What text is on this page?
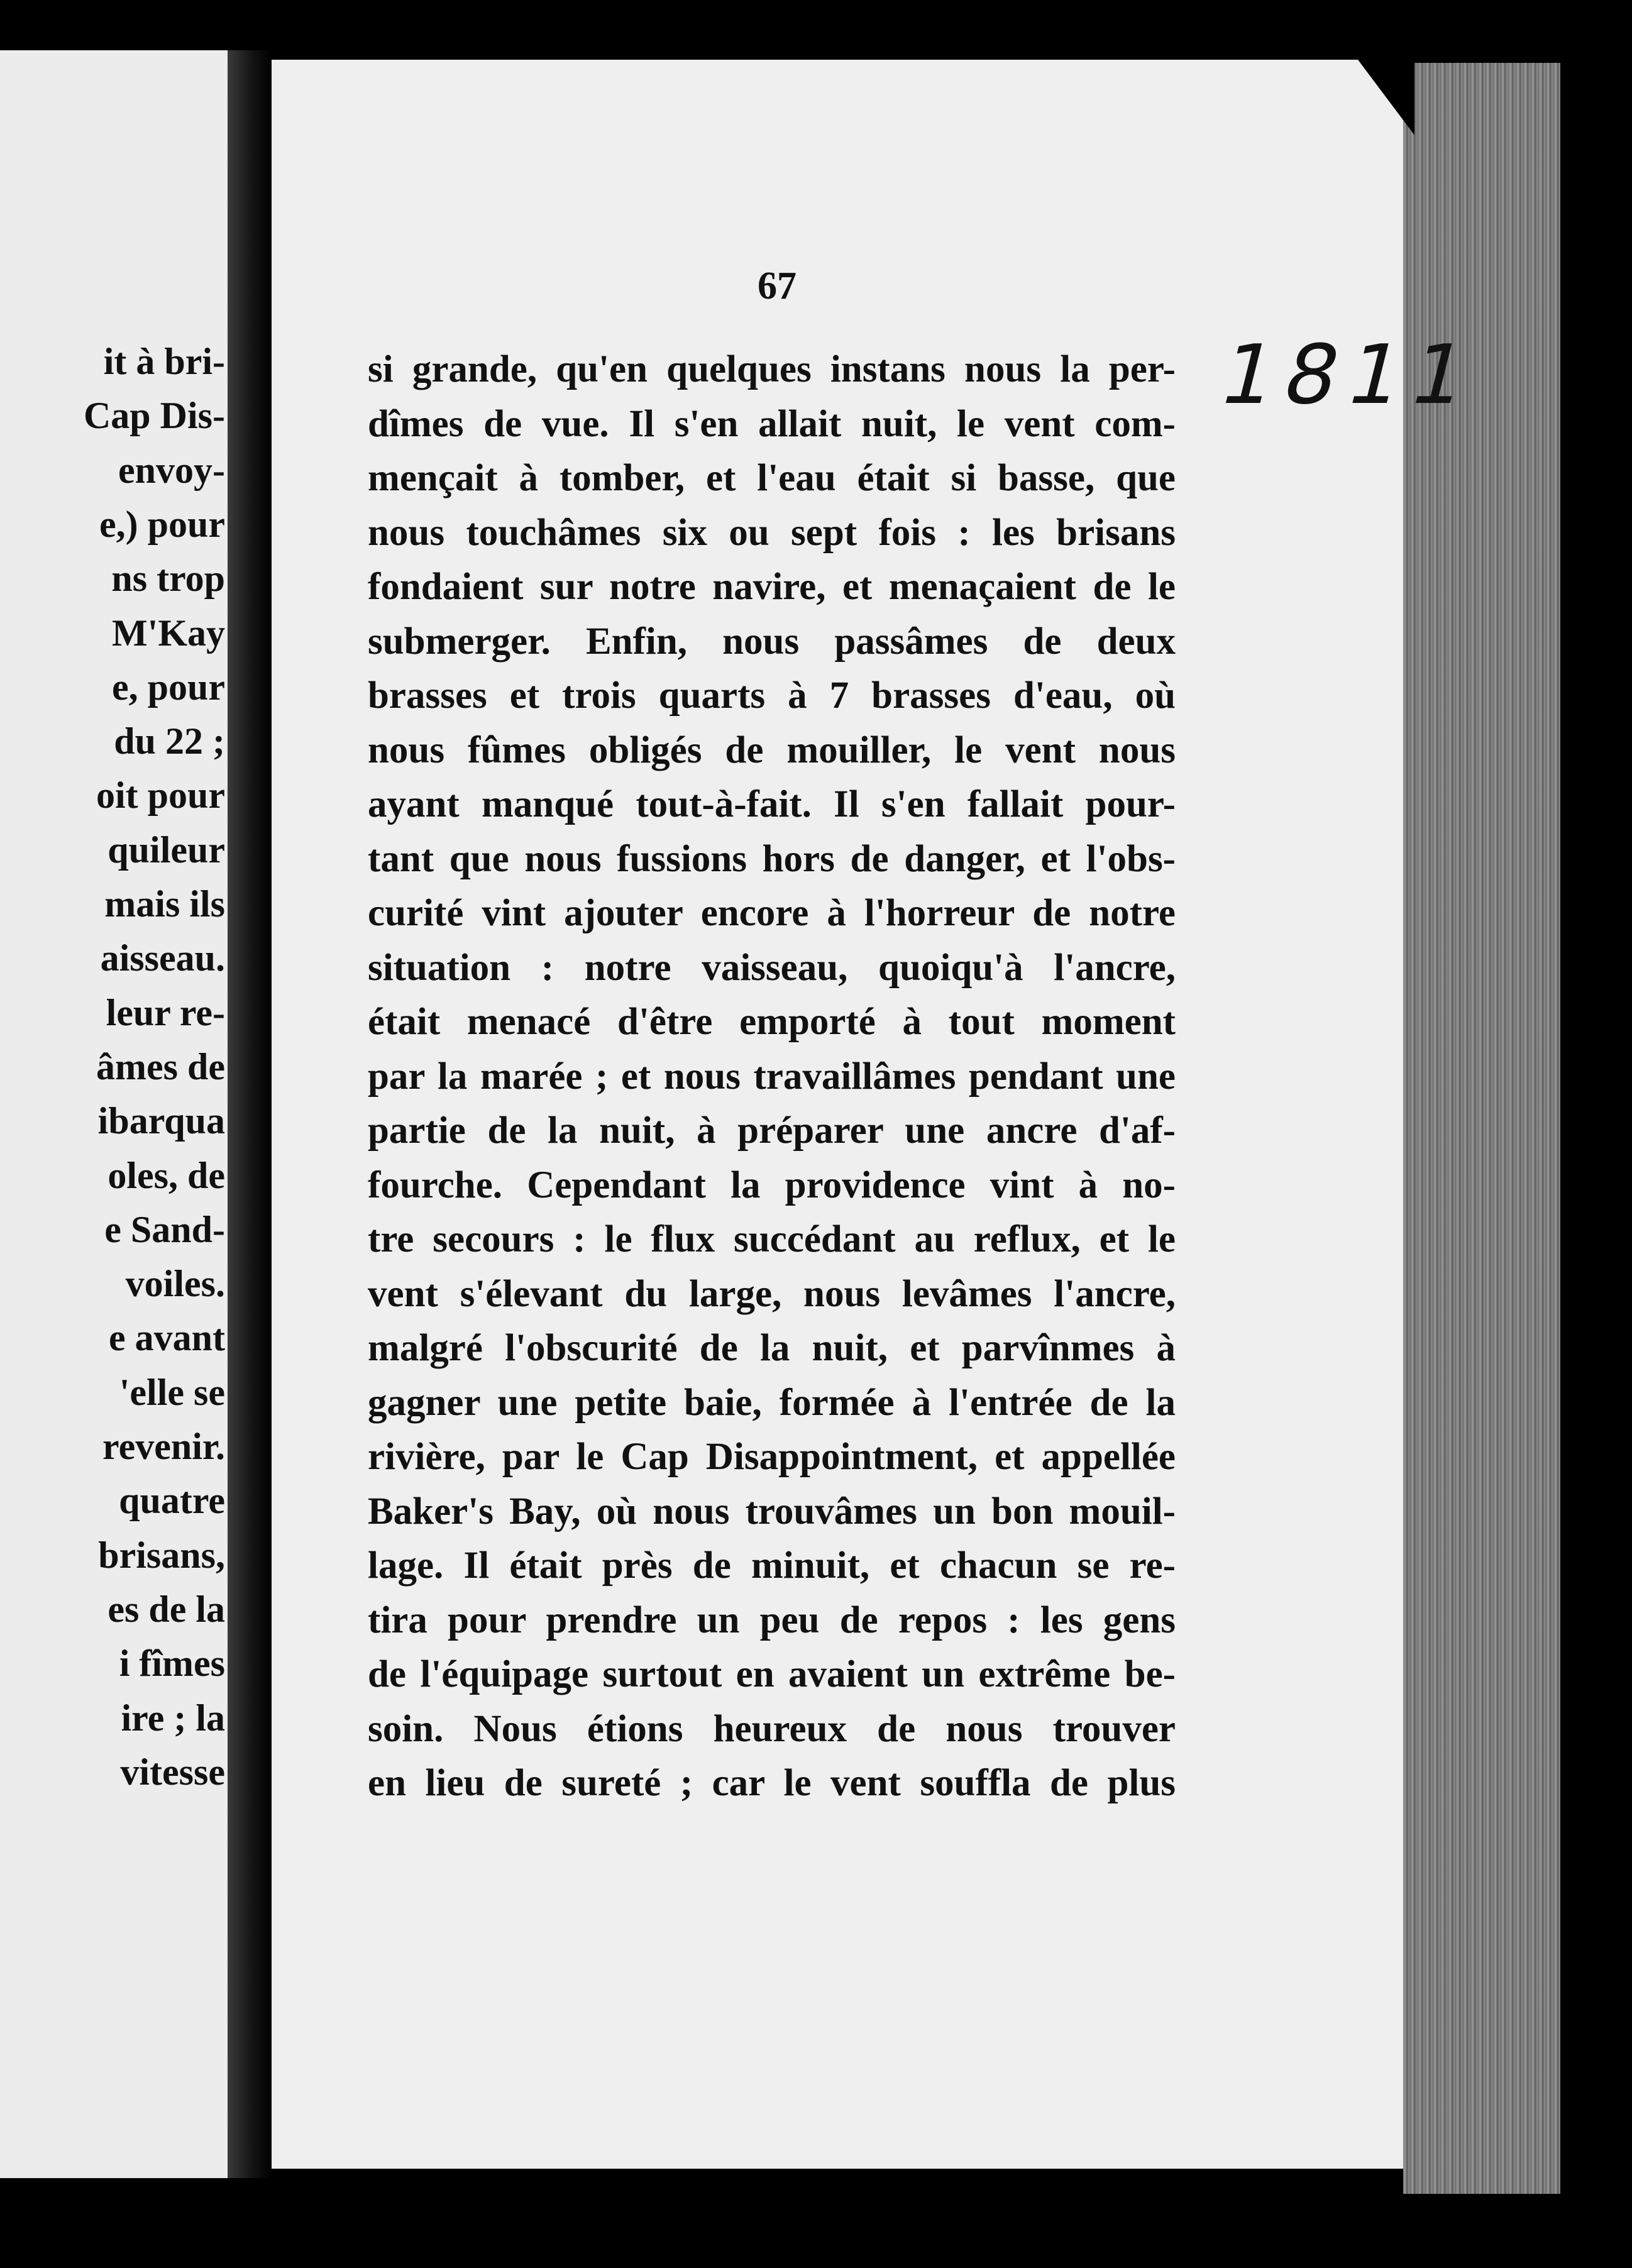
it à bri-
Cap Dis-
envoy-
e,) pour
ns trop
M'Kay
e, pour
du 22 ;
oit pour
quileur
mais ils
aisseau.
leur re-
âmes de
ibarqua
oles, de
e Sand-
voiles.
e avant
'elle se
revenir.
quatre
brisans,
es de la
i fîmes
ire ; la
vitesse
67
1811
si grande, qu'en quelques instans nous la per-
dîmes de vue. Il s'en allait nuit, le vent com-
mençait à tomber, et l'eau était si basse, que
nous touchâmes six ou sept fois : les brisans
fondaient sur notre navire, et menaçaient de le
submerger. Enfin, nous passâmes de deux
brasses et trois quarts à 7 brasses d'eau, où
nous fûmes obligés de mouiller, le vent nous
ayant manqué tout-à-fait. Il s'en fallait pour-
tant que nous fussions hors de danger, et l'obs-
curité vint ajouter encore à l'horreur de notre
situation : notre vaisseau, quoiqu'à l'ancre,
était menacé d'être emporté à tout moment
par la marée ; et nous travaillâmes pendant une
partie de la nuit, à préparer une ancre d'af-
fourche. Cependant la providence vint à no-
tre secours : le flux succédant au reflux, et le
vent s'élevant du large, nous levâmes l'ancre,
malgré l'obscurité de la nuit, et parvînmes à
gagner une petite baie, formée à l'entrée de la
rivière, par le Cap Disappointment, et appellée
Baker's Bay, où nous trouvâmes un bon mouil-
lage. Il était près de minuit, et chacun se re-
tira pour prendre un peu de repos : les gens
de l'équipage surtout en avaient un extrême be-
soin. Nous étions heureux de nous trouver
en lieu de sureté ; car le vent souffla de plus
